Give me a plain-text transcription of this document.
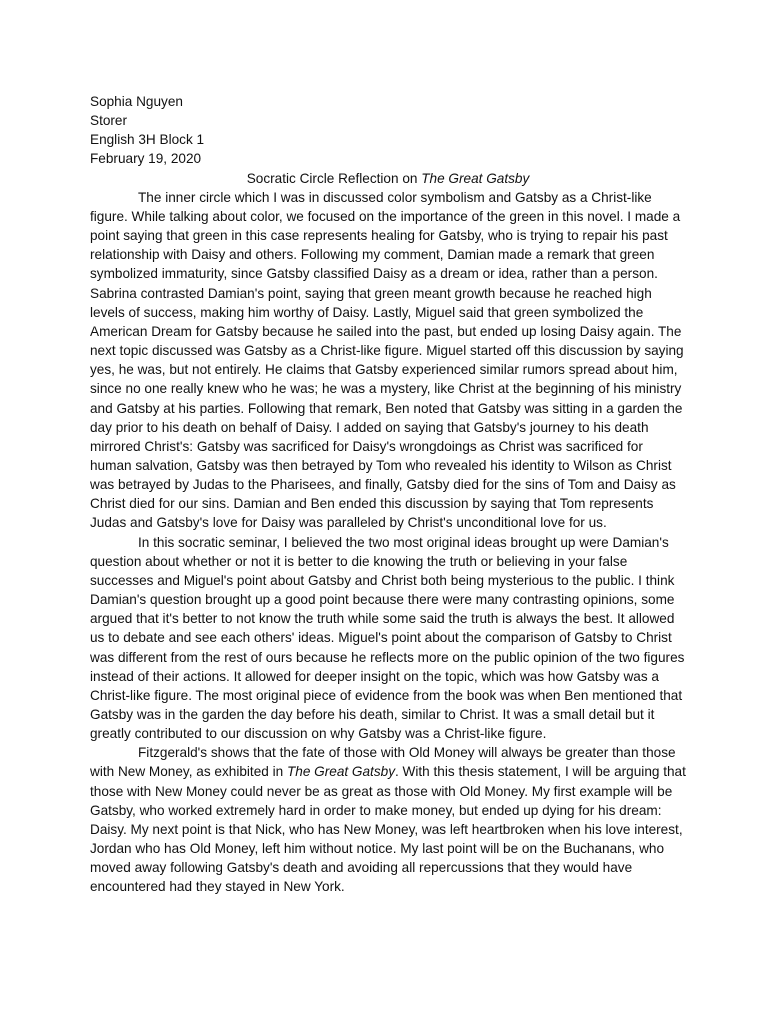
Sophia Nguyen

Storer

English 3H Block 1

February 19, 2020

Socratic Circle Reflection on The Great Gatsby

The inner circle which I was in discussed color symbolism and Gatsby as a Christ-like figure. While talking about color, we focused on the importance of the green in this novel. I made a point saying that green in this case represents healing for Gatsby, who is trying to repair his past relationship with Daisy and others. Following my comment, Damian made a remark that green symbolized immaturity, since Gatsby classified Daisy as a dream or idea, rather than a person. Sabrina contrasted Damian's point, saying that green meant growth because he reached high levels of success, making him worthy of Daisy. Lastly, Miguel said that green symbolized the American Dream for Gatsby because he sailed into the past, but ended up losing Daisy again. The next topic discussed was Gatsby as a Christ-like figure. Miguel started off this discussion by saying yes, he was, but not entirely. He claims that Gatsby experienced similar rumors spread about him, since no one really knew who he was; he was a mystery, like Christ at the beginning of his ministry and Gatsby at his parties. Following that remark, Ben noted that Gatsby was sitting in a garden the day prior to his death on behalf of Daisy. I added on saying that Gatsby's journey to his death mirrored Christ's: Gatsby was sacrificed for Daisy's wrongdoings as Christ was sacrificed for human salvation, Gatsby was then betrayed by Tom who revealed his identity to Wilson as Christ was betrayed by Judas to the Pharisees, and finally, Gatsby died for the sins of Tom and Daisy as Christ died for our sins. Damian and Ben ended this discussion by saying that Tom represents Judas and Gatsby's love for Daisy was paralleled by Christ's unconditional love for us.

In this socratic seminar, I believed the two most original ideas brought up were Damian's question about whether or not it is better to die knowing the truth or believing in your false successes and Miguel's point about Gatsby and Christ both being mysterious to the public. I think Damian's question brought up a good point because there were many contrasting opinions, some argued that it's better to not know the truth while some said the truth is always the best. It allowed us to debate and see each others' ideas. Miguel's point about the comparison of Gatsby to Christ was different from the rest of ours because he reflects more on the public opinion of the two figures instead of their actions. It allowed for deeper insight on the topic, which was how Gatsby was a Christ-like figure. The most original piece of evidence from the book was when Ben mentioned that Gatsby was in the garden the day before his death, similar to Christ. It was a small detail but it greatly contributed to our discussion on why Gatsby was a Christ-like figure.

Fitzgerald's shows that the fate of those with Old Money will always be greater than those with New Money, as exhibited in The Great Gatsby. With this thesis statement, I will be arguing that those with New Money could never be as great as those with Old Money. My first example will be Gatsby, who worked extremely hard in order to make money, but ended up dying for his dream: Daisy. My next point is that Nick, who has New Money, was left heartbroken when his love interest, Jordan who has Old Money, left him without notice. My last point will be on the Buchanans, who moved away following Gatsby's death and avoiding all repercussions that they would have encountered had they stayed in New York.
